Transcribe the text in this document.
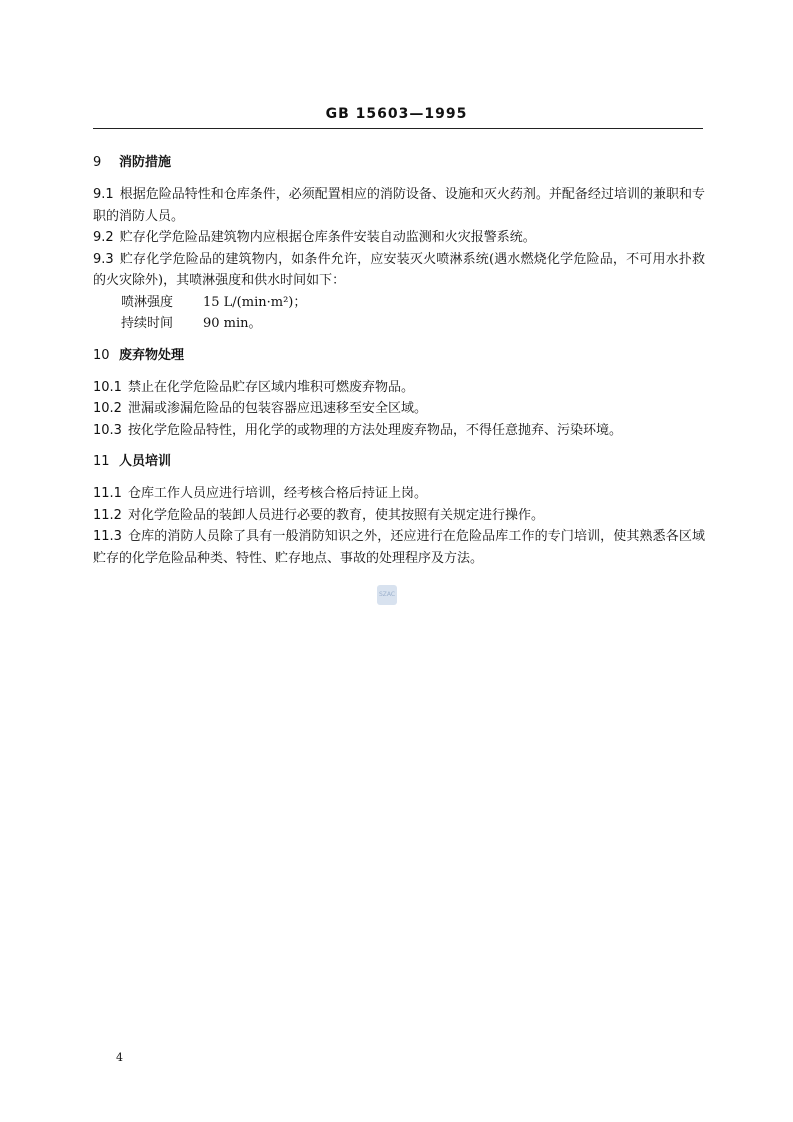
GB 15603—1995
9 消防措施
9.1 根据危险品特性和仓库条件，必须配置相应的消防设备、设施和灭火药剂。并配备经过培训的兼职和专职的消防人员。
9.2 贮存化学危险品建筑物内应根据仓库条件安装自动监测和火灾报警系统。
9.3 贮存化学危险品的建筑物内，如条件允许，应安装灭火喷淋系统(遇水燃烧化学危险品，不可用水扑救的火灾除外)，其喷淋强度和供水时间如下：
喷淋强度 15 L/(min·m²)；
持续时间 90 min。
10 废弃物处理
10.1 禁止在化学危险品贮存区域内堆积可燃废弃物品。
10.2 泄漏或渗漏危险品的包装容器应迅速移至安全区域。
10.3 按化学危险品特性，用化学的或物理的方法处理废弃物品，不得任意抛弃、污染环境。
11 人员培训
11.1 仓库工作人员应进行培训，经考核合格后持证上岗。
11.2 对化学危险品的装卸人员进行必要的教育，使其按照有关规定进行操作。
11.3 仓库的消防人员除了具有一般消防知识之外，还应进行在危险品库工作的专门培训，使其熟悉各区域贮存的化学危险品种类、特性、贮存地点、事故的处理程序及方法。
SZAC
4
